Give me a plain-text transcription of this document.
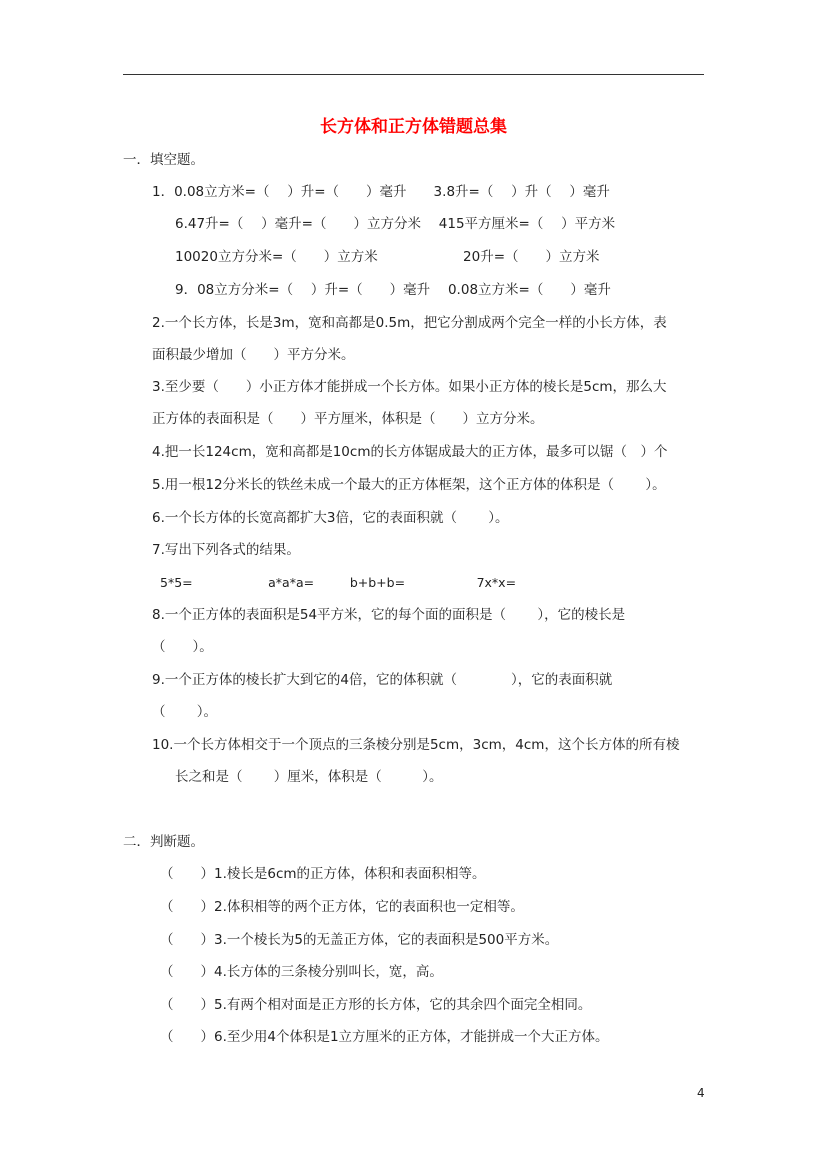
长方体和正方体错题总集
一．填空题。
1．0.08立方米=（　 ）升=（　　）毫升　　3.8升=（　 ）升（　 ）毫升
6.47升=（　 ）毫升=（　　）立方分米　 415平方厘米=（　 ）平方米
10020立方分米=（　　）立方米　　　　　　 20升=（　　）立方米
9．08立方分米=（　 ）升=（　　）毫升　 0.08立方米=（　　）毫升
2.一个长方体，长是3m，宽和高都是0.5m，把它分割成两个完全一样的小长方体，表
面积最少增加（　　）平方分米。
3.至少要（　　）小正方体才能拼成一个长方体。如果小正方体的棱长是5cm，那么大
正方体的表面积是（　　）平方厘米，体积是（　　）立方分米。
4.把一长124cm，宽和高都是10cm的长方体锯成最大的正方体，最多可以锯（　）个
5.用一根12分米长的铁丝未成一个最大的正方体框架，这个正方体的体积是（　　 ）。
6.一个长方体的长宽高都扩大3倍，它的表面积就（　　 ）。
7.写出下列各式的结果。
5*5=                   a*a*a=         b+b+b=                  7x*x=
8.一个正方体的表面积是54平方米，它的每个面的面积是（　　 ），它的棱长是
（　　）。
9.一个正方体的棱长扩大到它的4倍，它的体积就（　　　　），它的表面积就
（　　 ）。
10.一个长方体相交于一个顶点的三条棱分别是5cm，3cm，4cm，这个长方体的所有棱
长之和是（　　 ）厘米，体积是（　　　）。
二．判断题。
（　　）1.棱长是6cm的正方体，体积和表面积相等。
（　　）2.体积相等的两个正方体，它的表面积也一定相等。
（　　）3.一个棱长为5的无盖正方体，它的表面积是500平方米。
（　　）4.长方体的三条棱分别叫长，宽，高。
（　　）5.有两个相对面是正方形的长方体，它的其余四个面完全相同。
（　　）6.至少用4个体积是1立方厘米的正方体，才能拼成一个大正方体。
4
